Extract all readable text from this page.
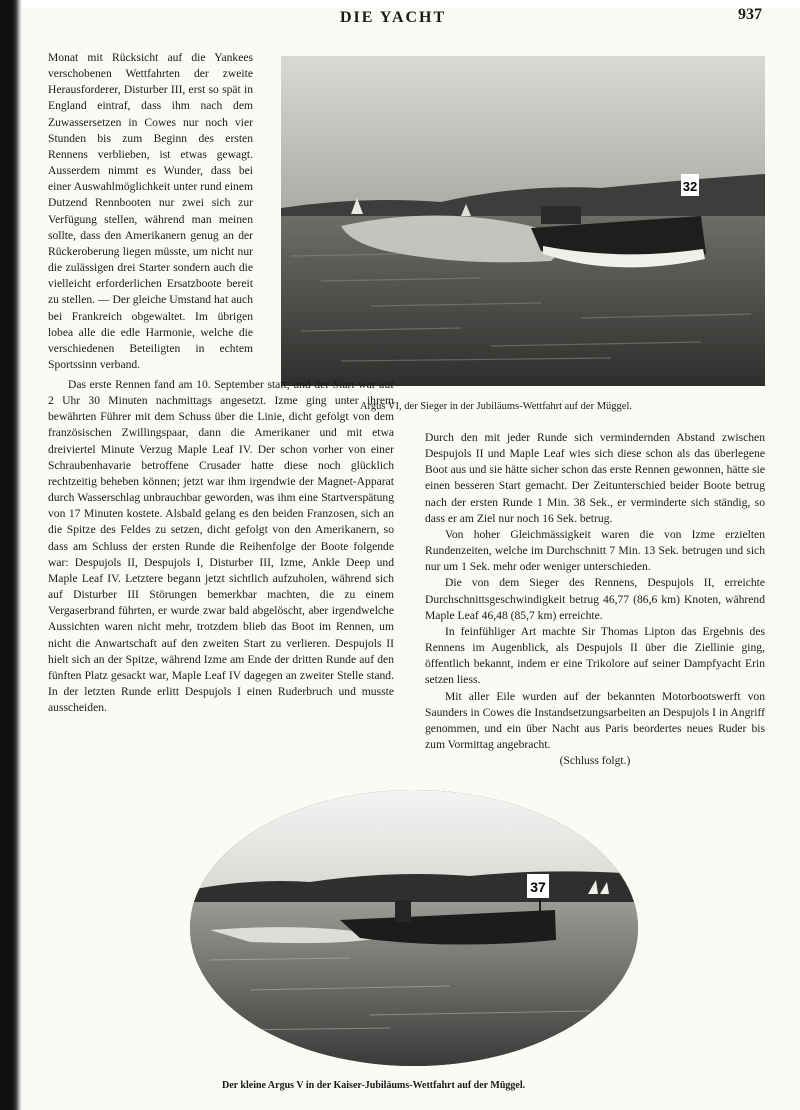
DIE YACHT	937
32
Argus VI, der Sieger in der Jubiläums-Wettfahrt auf der Müggel.

Monat mit Rücksicht auf die Yankees verschobenen Wettfahrten der zweite Herausforderer, Disturber III, erst so spät in England eintraf, dass ihm nach dem Zuwassersetzen in Cowes nur noch vier Stunden bis zum Beginn des ersten Rennens verblieben, ist etwas gewagt. Ausserdem nimmt es Wunder, dass bei einer Auswahlmöglichkeit unter rund einem Dutzend Rennbooten nur zwei sich zur Verfügung stellen, während man meinen sollte, dass den Amerikanern genug an der Rückeroberung liegen müsste, um nicht nur die zulässigen drei Starter sondern auch die vielleicht erforderlichen Ersatzboote bereit zu stellen. — Der gleiche Umstand hat auch bei Frankreich obgewaltet. Im übrigen lobea alle die edle Harmonie, welche die verschiedenen Beteiligten in echtem Sportssinn verband.

Das erste Rennen fand am 10. September statt, und der Start war auf 2 Uhr 30 Minuten nachmittags angesetzt. Izme ging unter ihrem bewährten Führer mit dem Schuss über die Linie, dicht gefolgt von dem französischen Zwillingspaar, dann die Amerikaner und mit etwa dreiviertel Minute Verzug Maple Leaf IV. Der schon vorher von einer Schraubenhavarie betroffene Crusader hatte diese noch glücklich rechtzeitig beheben können; jetzt war ihm irgendwie der Magnet-Apparat durch Wasserschlag unbrauchbar geworden, was ihm eine Startverspätung von 17 Minuten kostete. Alsbald gelang es den beiden Franzosen, sich an die Spitze des Feldes zu setzen, dicht gefolgt von den Amerikanern, so dass am Schluss der ersten Runde die Reihenfolge der Boote folgende war: Despujols II, Despujols I, Disturber III, Izme, Ankle Deep und Maple Leaf IV. Letztere begann jetzt sichtlich aufzuholen, während sich auf Disturber III Störungen bemerkbar machten, die zu einem Vergaserbrand führten, er wurde zwar bald abgelöscht, aber irgendwelche Aussichten waren nicht mehr, trotzdem blieb das Boot im Rennen, um nicht die Anwartschaft auf den zweiten Start zu verlieren. Despujols II hielt sich an der Spitze, während Izme am Ende der dritten Runde auf den fünften Platz gesackt war, Maple Leaf IV dagegen an zweiter Stelle stand. In der letzten Runde erlitt Despujols I einen Ruderbruch und musste ausscheiden.

Durch den mit jeder Runde sich vermindernden Abstand zwischen Despujols II und Maple Leaf wies sich diese schon als das überlegene Boot aus und sie hätte sicher schon das erste Rennen gewonnen, hätte sie einen besseren Start gemacht. Der Zeitunterschied beider Boote betrug nach der ersten Runde 1 Min. 38 Sek., er verminderte sich ständig, so dass er am Ziel nur noch 16 Sek. betrug.

Von hoher Gleichmässigkeit waren die von Izme erzielten Rundenzeiten, welche im Durchschnitt 7 Min. 13 Sek. betrugen und sich nur um 1 Sek. mehr oder weniger unterschieden.

Die von dem Sieger des Rennens, Despujols II, erreichte Durchschnittsgeschwindigkeit betrug 46,77 (86,6 km) Knoten, während Maple Leaf 46,48 (85,7 km) erreichte.

In feinfühliger Art machte Sir Thomas Lipton das Ergebnis des Rennens im Augenblick, als Despujols II über die Ziellinie ging, öffentlich bekannt, indem er eine Trikolore auf seiner Dampfyacht Erin setzen liess.

Mit aller Eile wurden auf der bekannten Motorbootswerft von Saunders in Cowes die Instandsetzungsarbeiten an Despujols I in Angriff genommen, und ein über Nacht aus Paris beordertes neues Ruder bis zum Vormittag angebracht.

(Schluss folgt.)

37
Der kleine Argus V in der Kaiser-Jubiläums-Wettfahrt auf der Müggel.
